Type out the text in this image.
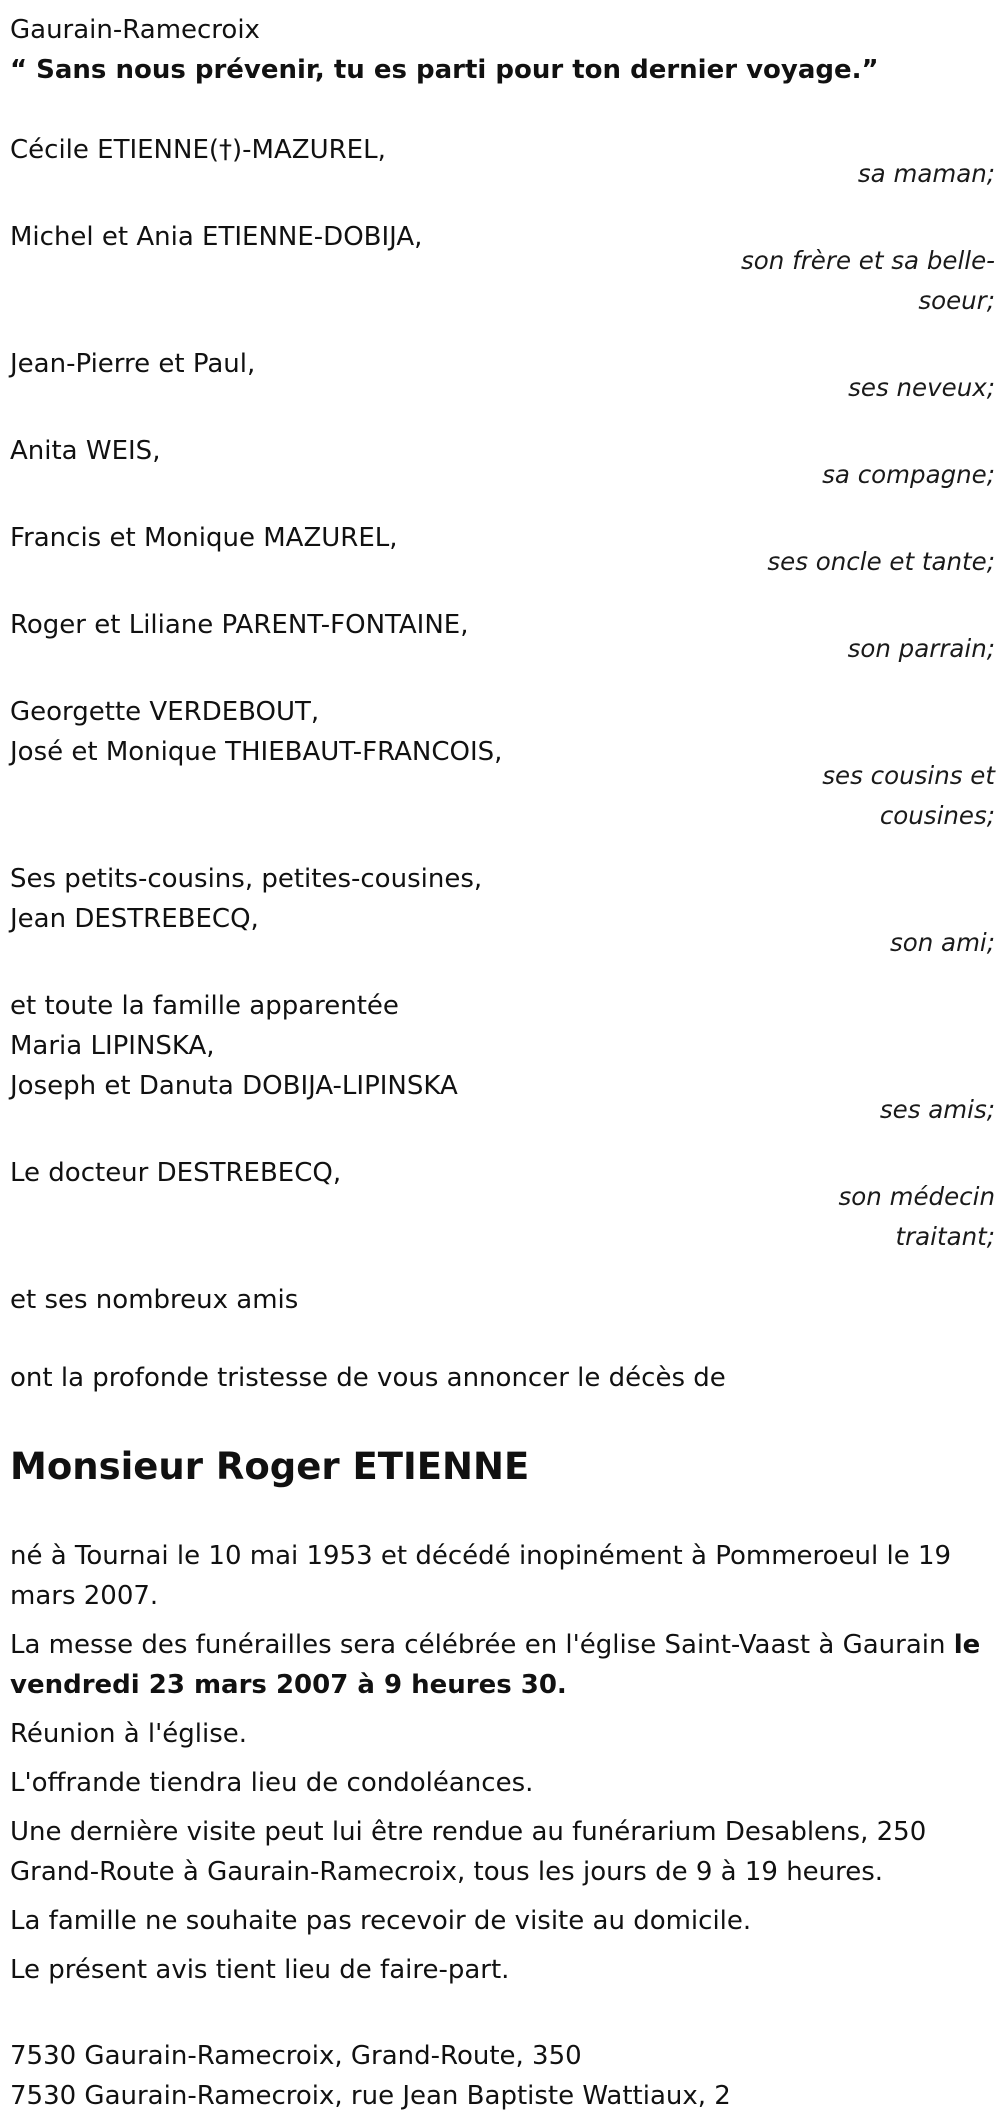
Gaurain-Ramecroix

“ Sans nous prévenir, tu es parti pour ton dernier voyage.”

Cécile ETIENNE(†)-MAZUREL,
sa maman;
Michel et Ania ETIENNE-DOBIJA,
son frère et sa belle-soeur;
Jean-Pierre et Paul,
ses neveux;
Anita WEIS,
sa compagne;
Francis et Monique MAZUREL,
ses oncle et tante;
Roger et Liliane PARENT-FONTAINE,
son parrain;
Georgette VERDEBOUT,
José et Monique THIEBAUT-FRANCOIS,
ses cousins et cousines;
Ses petits-cousins, petites-cousines,
Jean DESTREBECQ,
son ami;
et toute la famille apparentée
Maria LIPINSKA,
Joseph et Danuta DOBIJA-LIPINSKA
ses amis;
Le docteur DESTREBECQ,
son médecin traitant;

et ses nombreux amis

ont la profonde tristesse de vous annoncer le décès de

Monsieur Roger ETIENNE

né à Tournai le 10 mai 1953 et décédé inopinément à Pommeroeul le 19 mars 2007.

La messe des funérailles sera célébrée en l'église Saint-Vaast à Gaurain le vendredi 23 mars 2007 à 9 heures 30.

Réunion à l'église.

L'offrande tiendra lieu de condoléances.

Une dernière visite peut lui être rendue au funérarium Desablens, 250 Grand-Route à Gaurain-Ramecroix, tous les jours de 9 à 19 heures.

La famille ne souhaite pas recevoir de visite au domicile.

Le présent avis tient lieu de faire-part.

7530 Gaurain-Ramecroix, Grand-Route, 350

7530 Gaurain-Ramecroix, rue Jean Baptiste Wattiaux, 2
